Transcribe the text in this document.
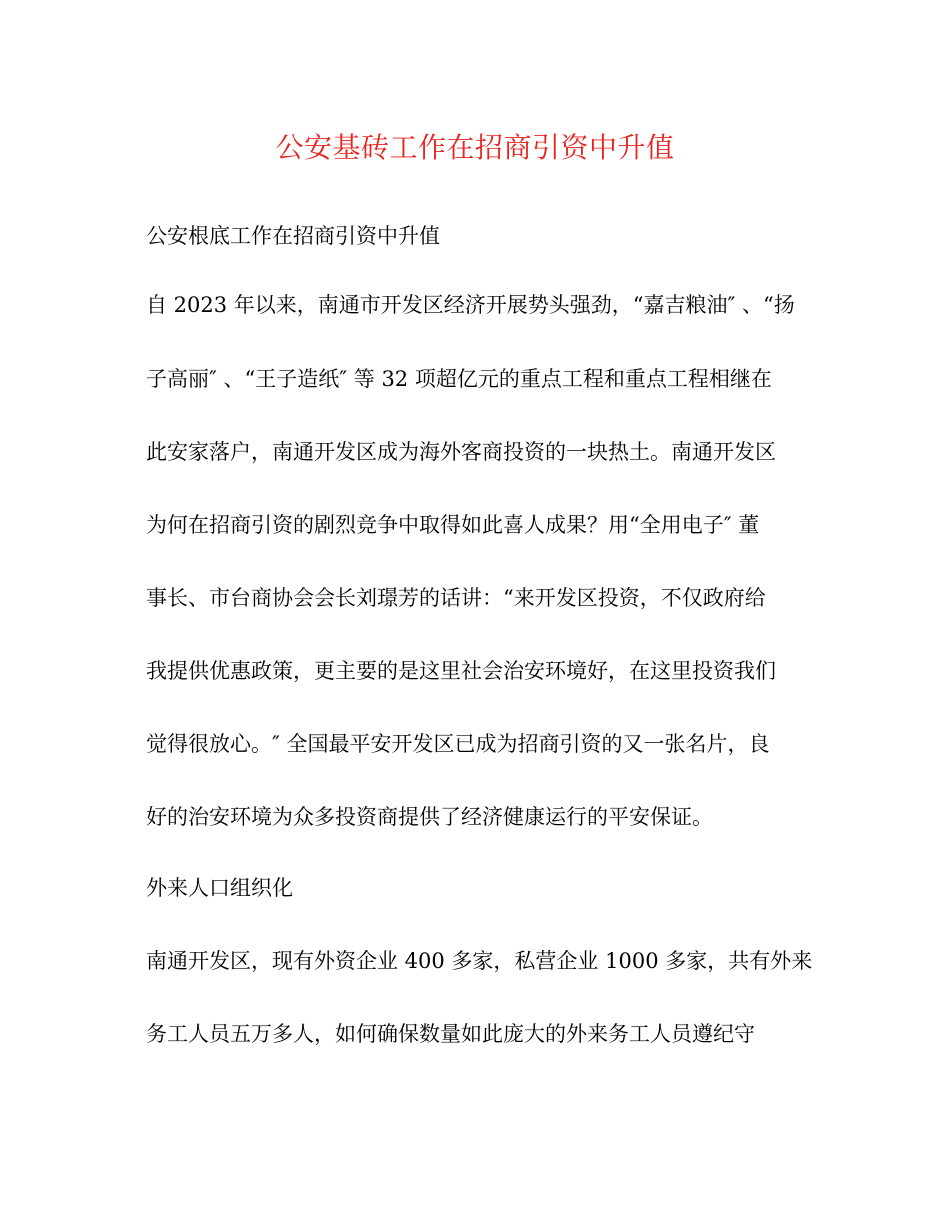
公安基砖工作在招商引资中升值
公安根底工作在招商引资中升值
自 2023 年以来，南通市开发区经济开展势头强劲，“嘉吉粮油″ 、“扬
子高丽″ 、“王子造纸″ 等 32 项超亿元的重点工程和重点工程相继在
此安家落户，南通开发区成为海外客商投资的一块热土。南通开发区
为何在招商引资的剧烈竞争中取得如此喜人成果？用“全用电子″ 董
事长、市台商协会会长刘璟芳的话讲：“来开发区投资，不仅政府给
我提供优惠政策，更主要的是这里社会治安环境好，在这里投资我们
觉得很放心。″ 全国最平安开发区已成为招商引资的又一张名片，良
好的治安环境为众多投资商提供了经济健康运行的平安保证。
外来人口组织化
南通开发区，现有外资企业 400 多家，私营企业 1000 多家，共有外来
务工人员五万多人，如何确保数量如此庞大的外来务工人员遵纪守
